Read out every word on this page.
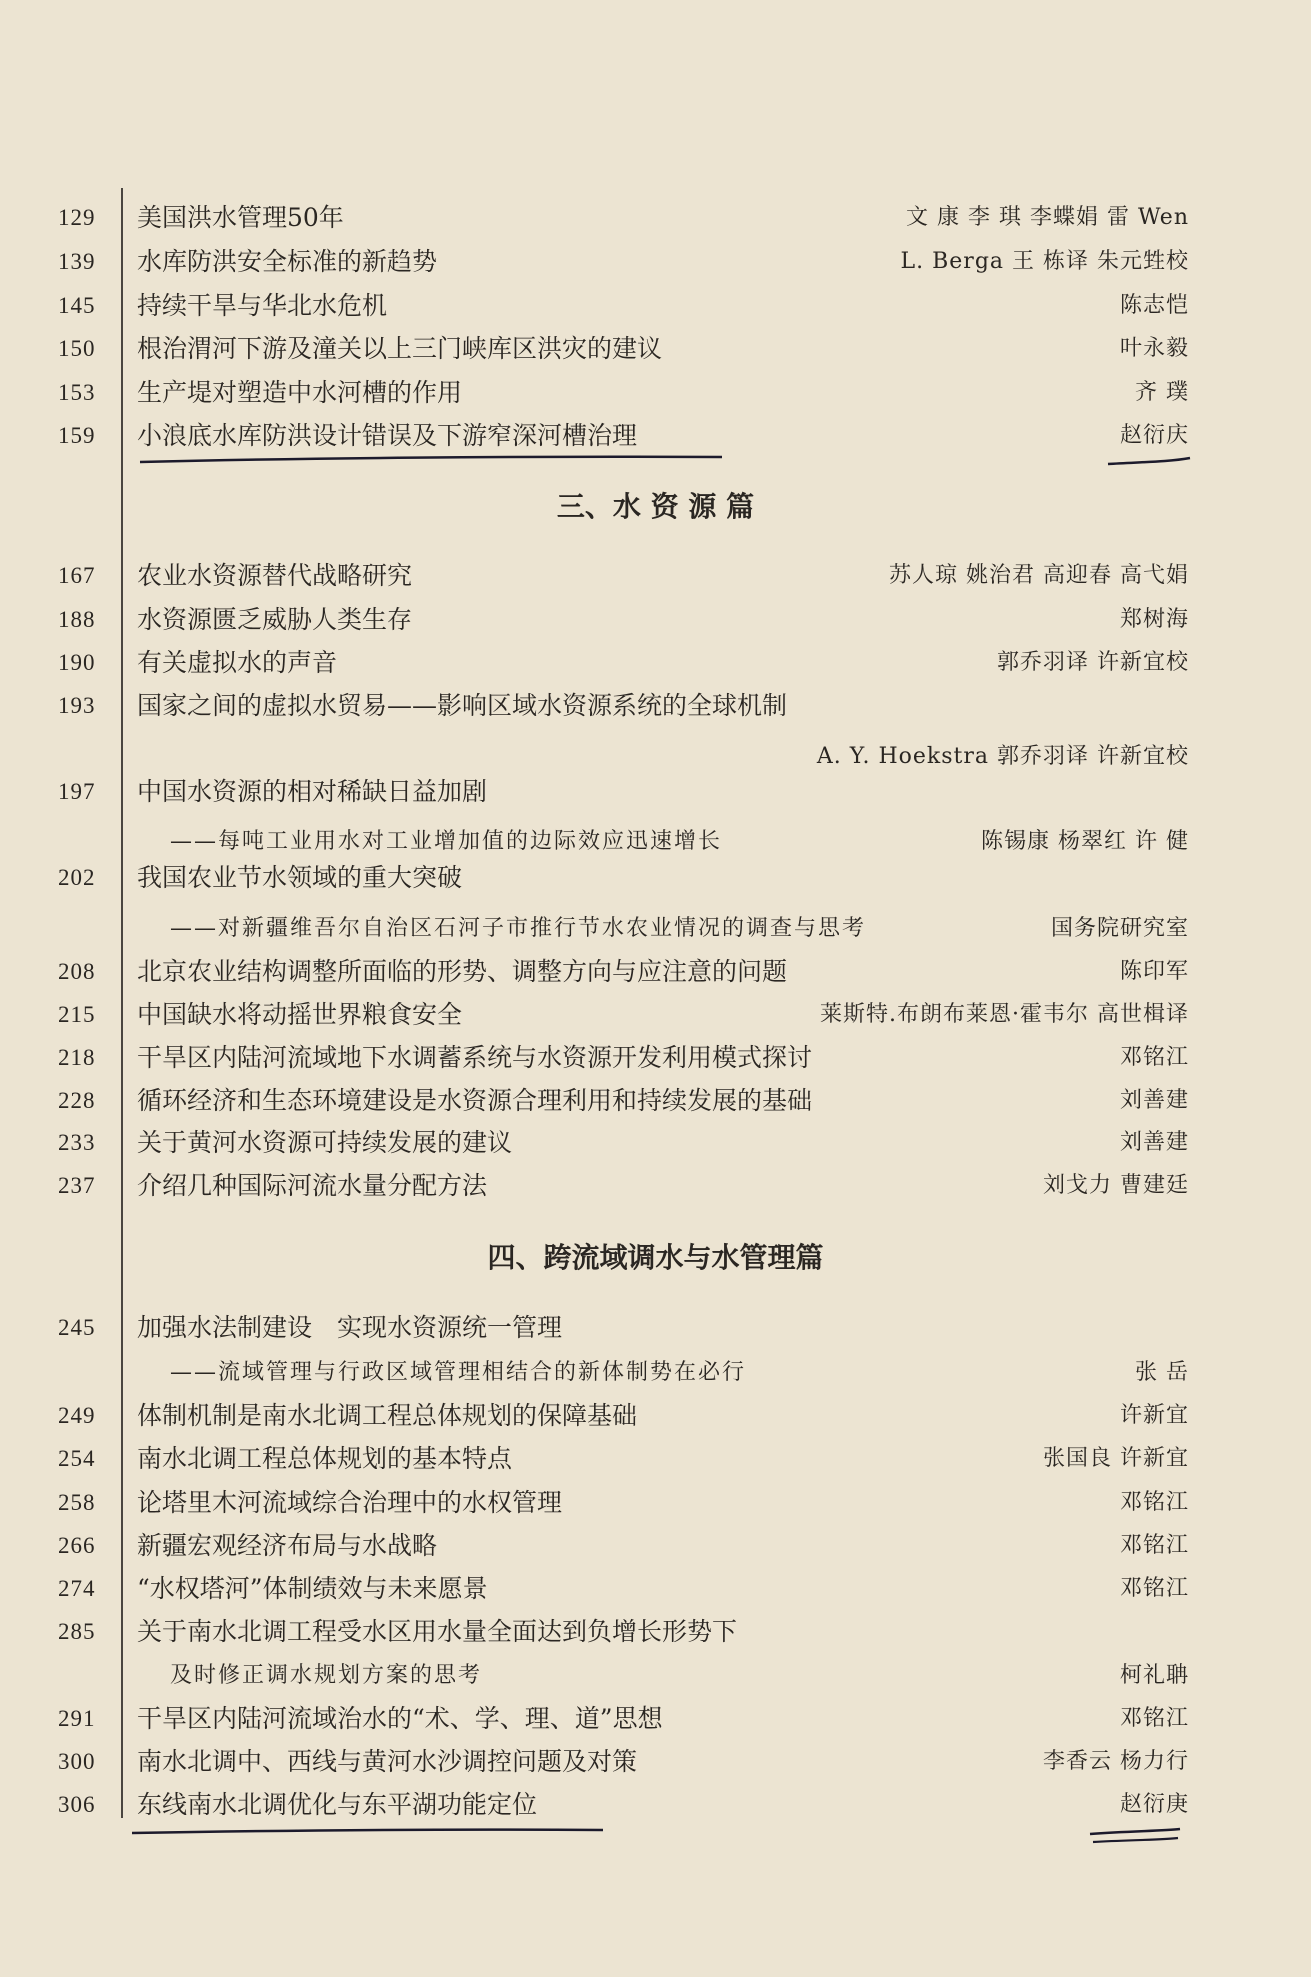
129	美国洪水管理50年	文 康 李 琪 李蝶娟 雷 Wen
139	水库防洪安全标准的新趋势	L. Berga 王 栋译 朱元甡校
145	持续干旱与华北水危机	陈志恺
150	根治渭河下游及潼关以上三门峡库区洪灾的建议	叶永毅
153	生产堤对塑造中水河槽的作用	齐 璞
159	小浪底水库防洪设计错误及下游窄深河槽治理	赵衍庆
三、水 资 源 篇
167	农业水资源替代战略研究	苏人琼 姚治君 高迎春 高弋娟
188	水资源匮乏威胁人类生存	郑树海
190	有关虚拟水的声音	郭乔羽译 许新宜校
193	国家之间的虚拟水贸易——影响区域水资源系统的全球机制
A. Y. Hoekstra 郭乔羽译 许新宜校
197	中国水资源的相对稀缺日益加剧
——每吨工业用水对工业增加值的边际效应迅速增长	陈锡康 杨翠红 许 健
202	我国农业节水领域的重大突破
——对新疆维吾尔自治区石河子市推行节水农业情况的调查与思考	国务院研究室
208	北京农业结构调整所面临的形势、调整方向与应注意的问题	陈印军
215	中国缺水将动摇世界粮食安全	莱斯特.布朗布莱恩·霍韦尔 高世楫译
218	干旱区内陆河流域地下水调蓄系统与水资源开发利用模式探讨	邓铭江
228	循环经济和生态环境建设是水资源合理利用和持续发展的基础	刘善建
233	关于黄河水资源可持续发展的建议	刘善建
237	介绍几种国际河流水量分配方法	刘戈力 曹建廷
四、跨流域调水与水管理篇
245	加强水法制建设　实现水资源统一管理
——流域管理与行政区域管理相结合的新体制势在必行	张 岳
249	体制机制是南水北调工程总体规划的保障基础	许新宜
254	南水北调工程总体规划的基本特点	张国良 许新宜
258	论塔里木河流域综合治理中的水权管理	邓铭江
266	新疆宏观经济布局与水战略	邓铭江
274	“水权塔河”体制绩效与未来愿景	邓铭江
285	关于南水北调工程受水区用水量全面达到负增长形势下
及时修正调水规划方案的思考	柯礼聃
291	干旱区内陆河流域治水的“术、学、理、道”思想	邓铭江
300	南水北调中、西线与黄河水沙调控问题及对策	李香云 杨力行
306	东线南水北调优化与东平湖功能定位	赵衍庚
